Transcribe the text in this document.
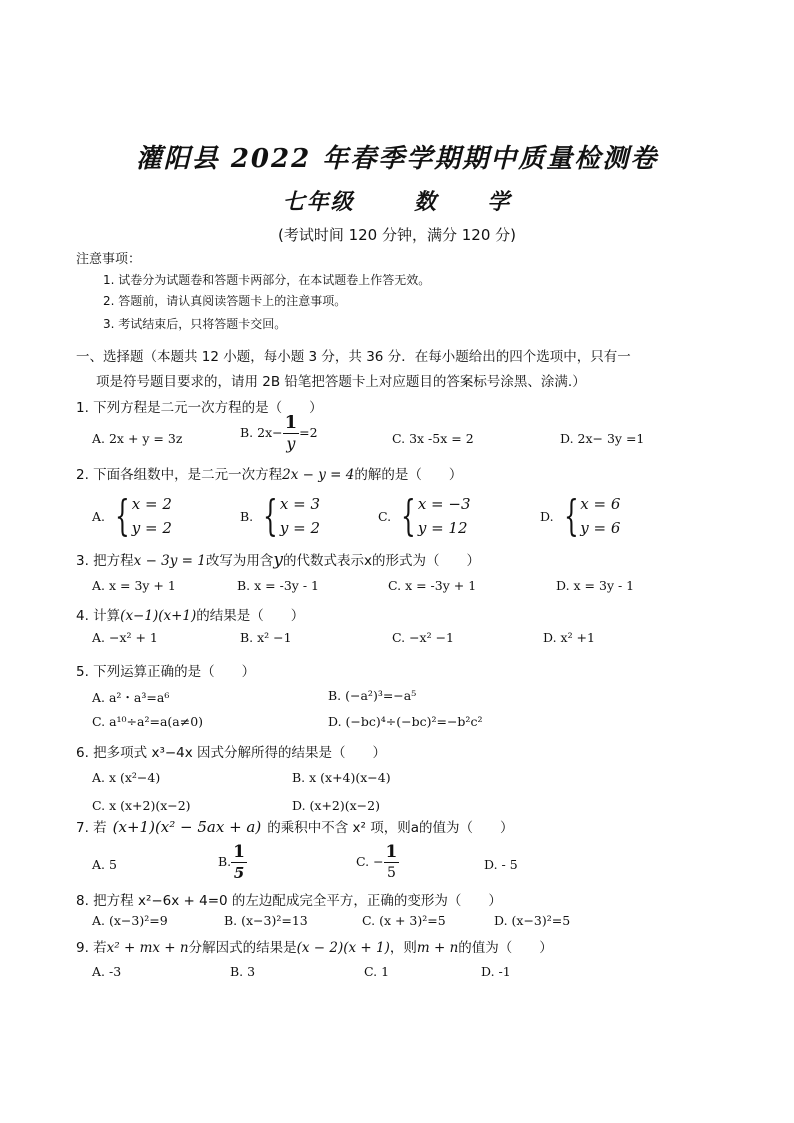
灌阳县 2022 年春季学期期中质量检测卷
七年级	数 学
(考试时间 120 分钟，满分 120 分)
注意事项：
1. 试卷分为试题卷和答题卡两部分，在本试题卷上作答无效。
2. 答题前，请认真阅读答题卡上的注意事项。
3. 考试结束后，只将答题卡交回。
一、选择题（本题共 12 小题，每小题 3 分，共 36 分．在每小题给出的四个选项中，只有一
项是符号题目要求的，请用 2B 铅笔把答题卡上对应题目的答案标号涂黑、涂满.）
1. 下列方程是二元一次方程的是（　　）
A. 2x + y = 3z	B. $2x- \frac{1}{y} =2$	C. 3x -5x = 2	D. 2x− 3y =1
2. 下面各组数中，是二元一次方程2x − y = 4的解的是（　　）
A. { x = 2
y = 2
B. { x = 3
y = 2
C. { x = −3
y = 12
D. { x = 6
y = 6
3. 把方程x − 3y = 1改写为用含y的代数式表示x的形式为（　　）
A. x = 3y + 1	B. x = -3y - 1	C. x = -3y + 1	D. x = 3y - 1
4. 计算(x−1)(x+1)的结果是（　　）
A. −x² + 1	B. x² −1	C. −x² −1	D. x² +1
5. 下列运算正确的是（　　）
A. a²・a³=a⁶	B. (−a²)³=−a⁵
C. a¹⁰÷a²=a(a≠0)	D. (−bc)⁴÷(−bc)²=−b²c²
6. 把多项式 x³−4x 因式分解所得的结果是（　　）
A. x (x²−4)	B. x (x+4)(x−4)
C. x (x+2)(x−2)	D. (x+2)(x−2)
7. 若 (x+1)(x² − 5ax + a) 的乘积中不含 x² 项，则a的值为（　　）
A. 5	B. $\frac{1}{5}$	C. − $\frac{1}{5}$	D. - 5
8. 把方程 x²−6x + 4=0 的左边配成完全平方，正确的变形为（　　）
A. (x−3)²=9	B. (x−3)²=13	C. (x + 3)²=5	D. (x−3)²=5
9. 若x² + mx + n分解因式的结果是(x − 2)(x + 1)，则m + n的值为（　　）
A. -3	B. 3	C. 1	D. -1
